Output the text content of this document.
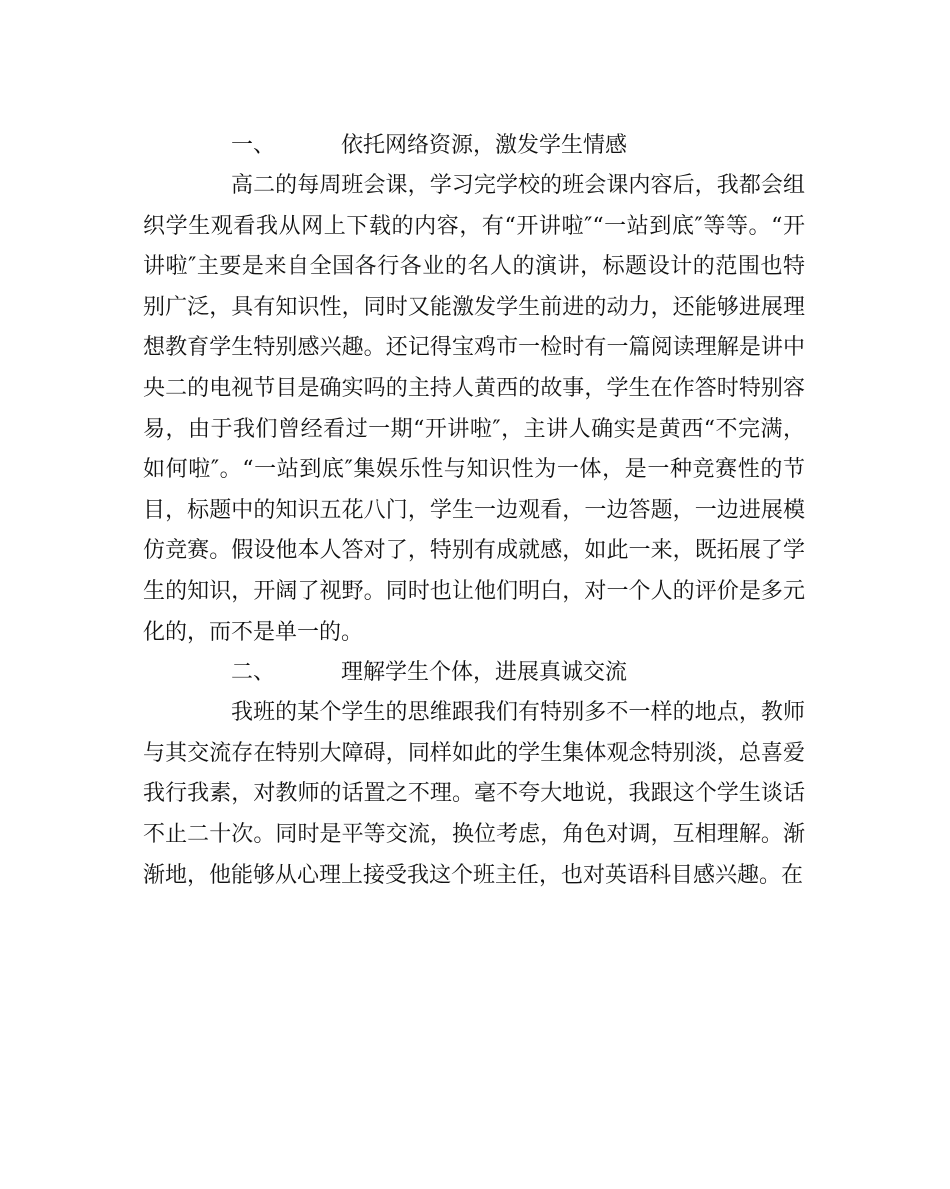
一、	依托网络资源，激发学生情感

高二的每周班会课，学习完学校的班会课内容后，我都会组织学生观看我从网上下载的内容，有“开讲啦″“一站到底″等等。“开讲啦″主要是来自全国各行各业的名人的演讲，标题设计的范围也特别广泛，具有知识性，同时又能激发学生前进的动力，还能够进展理想教育学生特别感兴趣。还记得宝鸡市一检时有一篇阅读理解是讲中央二的电视节目是确实吗的主持人黄西的故事，学生在作答时特别容易，由于我们曾经看过一期“开讲啦″，主讲人确实是黄西“不完满，如何啦″。“一站到底″集娱乐性与知识性为一体，是一种竞赛性的节目，标题中的知识五花八门，学生一边观看，一边答题，一边进展模仿竞赛。假设他本人答对了，特别有成就感，如此一来，既拓展了学生的知识，开阔了视野。同时也让他们明白，对一个人的评价是多元化的，而不是单一的。

二、	理解学生个体，进展真诚交流

我班的某个学生的思维跟我们有特别多不一样的地点，教师与其交流存在特别大障碍，同样如此的学生集体观念特别淡，总喜爱我行我素，对教师的话置之不理。毫不夸大地说，我跟这个学生谈话不止二十次。同时是平等交流，换位考虑，角色对调，互相理解。渐渐地，他能够从心理上接受我这个班主任，也对英语科目感兴趣。在
